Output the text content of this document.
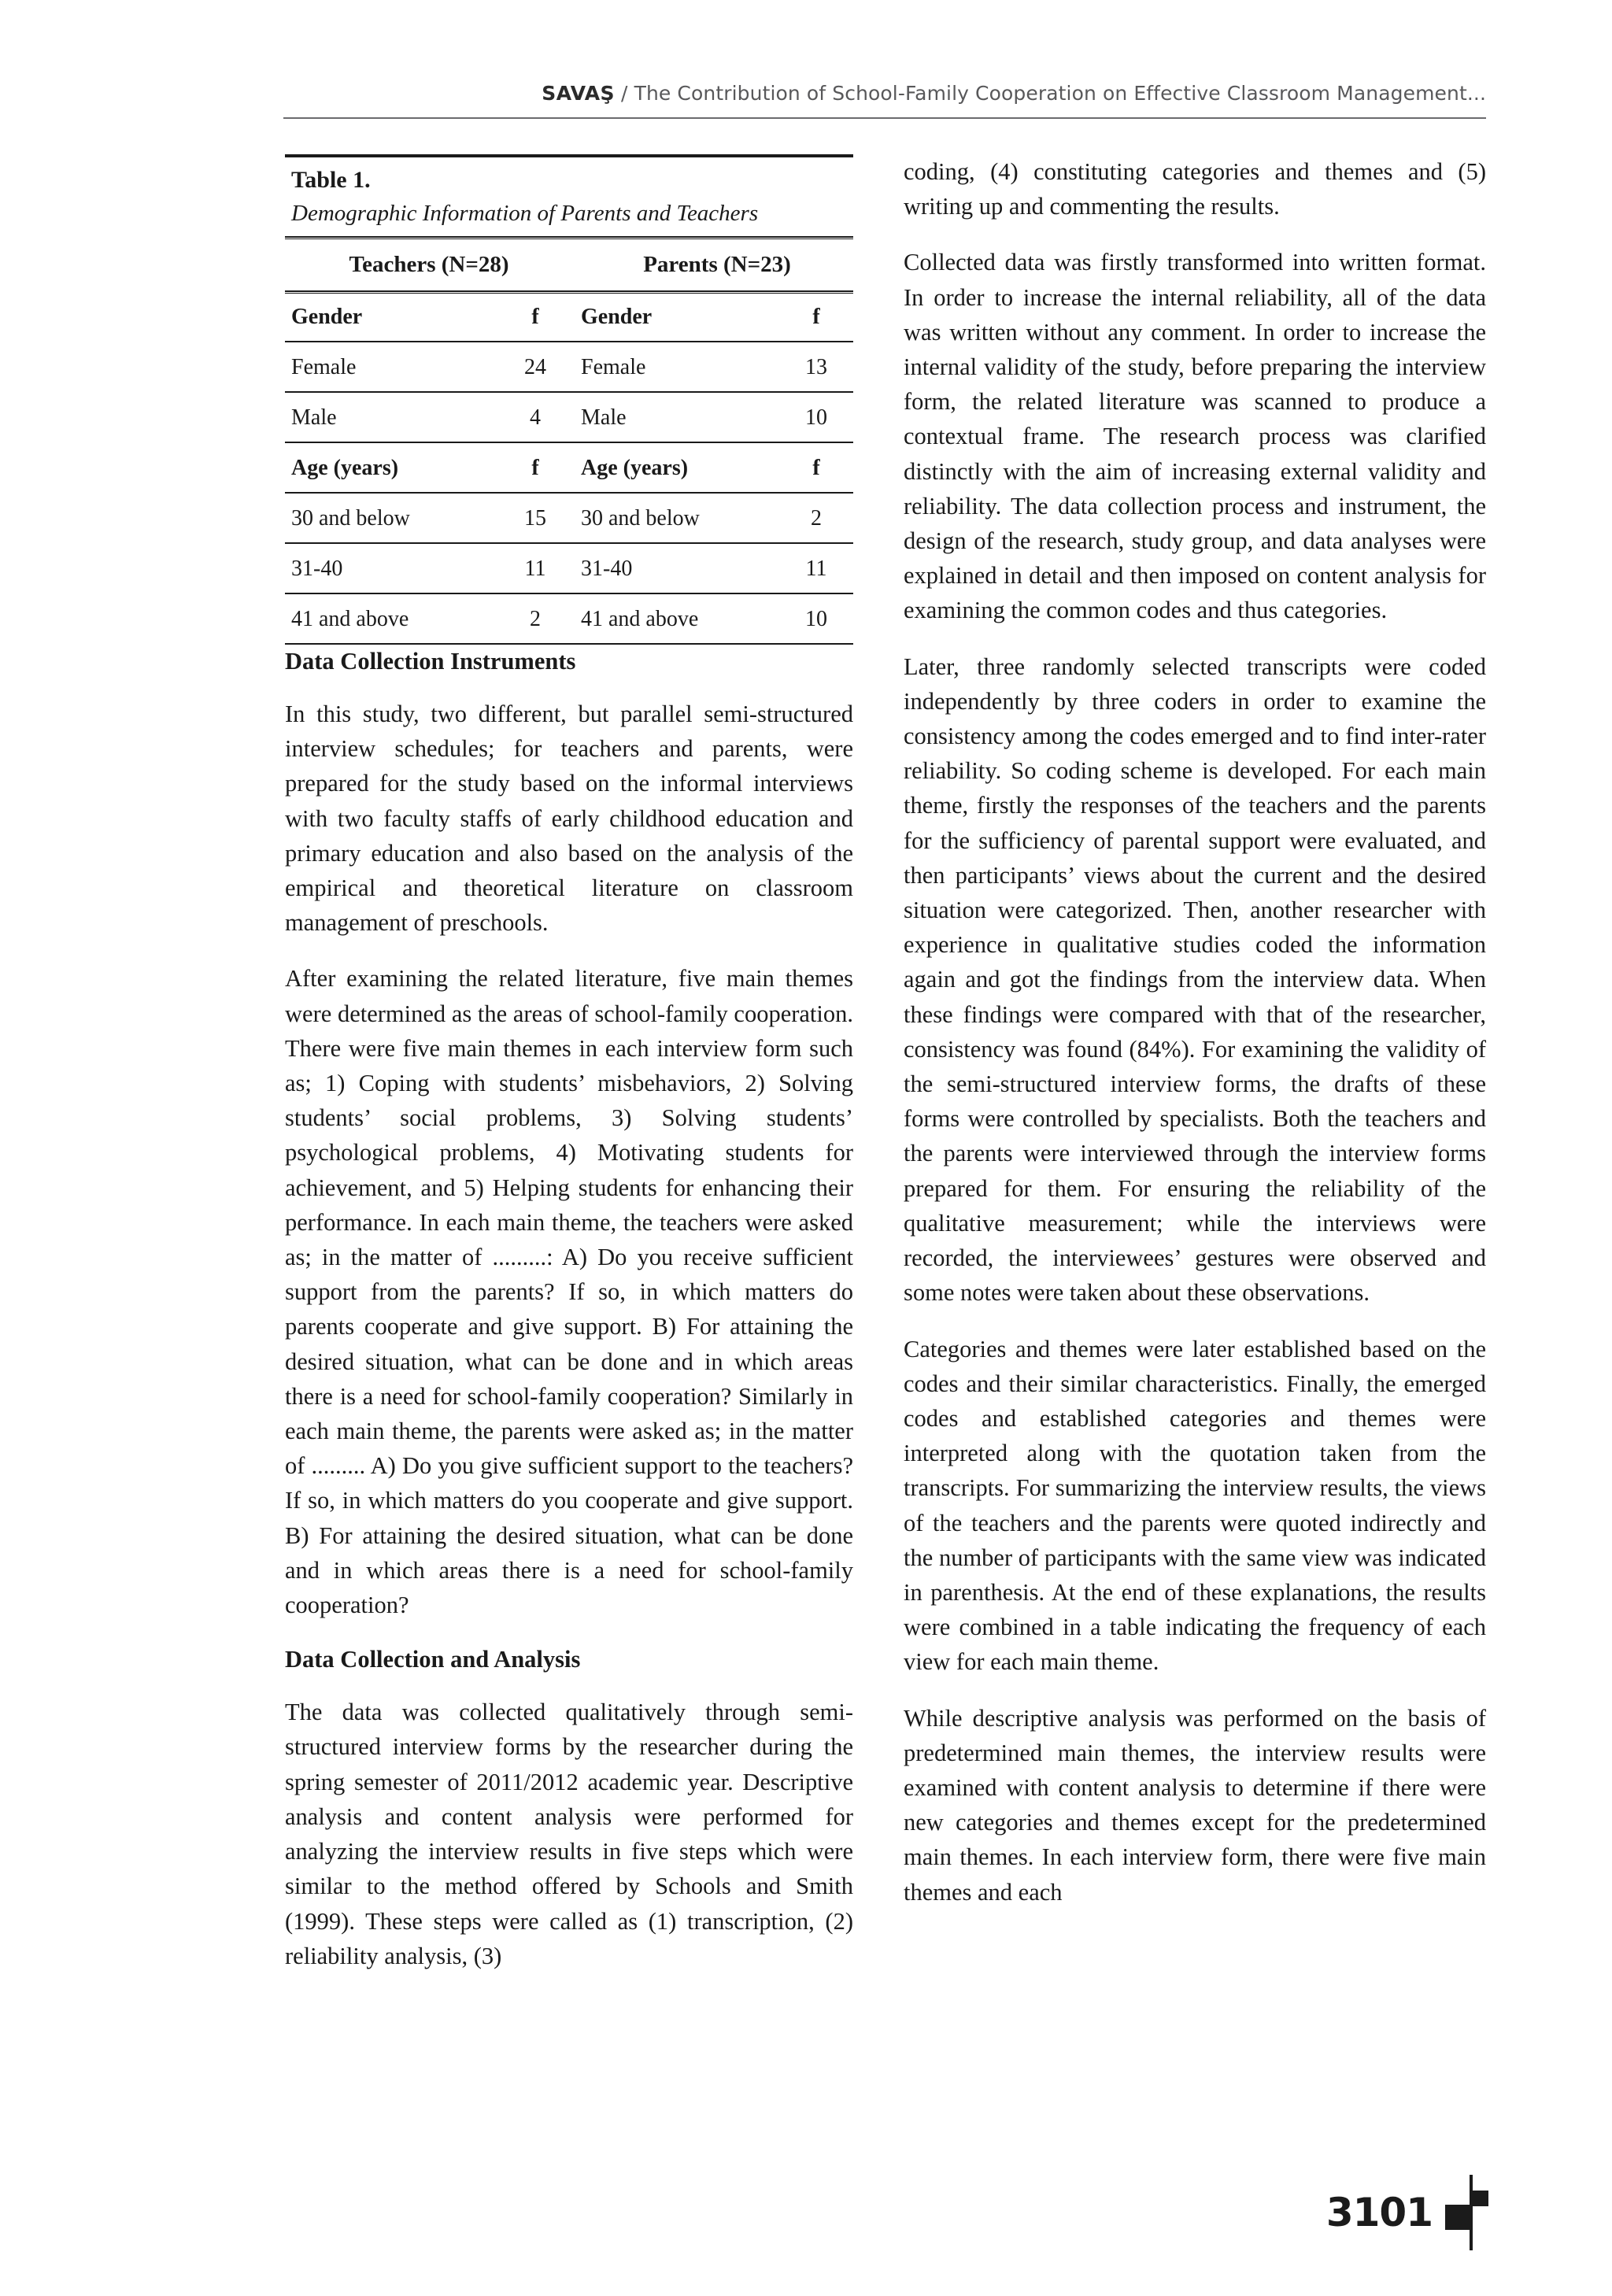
SAVAŞ / The Contribution of School-Family Cooperation on Effective Classroom Management...
Table 1.
Demographic Information of Parents and Teachers
Teachers (N=28)	Parents (N=23)
Gender	f	Gender	f

Female	24	Female	13

Male	4	Male	10

Age (years)	f	Age (years)	f

30 and below	15	30 and below	2

31-40	11	31-40	11

41 and above	2	41 and above	10
Data Collection Instruments

In this study, two different, but parallel semi-structured interview schedules; for teachers and parents, were prepared for the study based on the informal interviews with two faculty staffs of early childhood education and primary education and also based on the analysis of the empirical and theoretical literature on classroom management of preschools.

After examining the related literature, five main themes were determined as the areas of school-family cooperation. There were five main themes in each interview form such as; 1) Coping with students’ misbehaviors, 2) Solving students’ social problems, 3) Solving students’ psychological problems, 4) Motivating students for achievement, and 5) Helping students for enhancing their performance. In each main theme, the teachers were asked as; in the matter of .........: A) Do you receive sufficient support from the parents? If so, in which matters do parents cooperate and give support. B) For attaining the desired situation, what can be done and in which areas there is a need for school-family cooperation? Similarly in each main theme, the parents were asked as; in the matter of ......... A) Do you give sufficient support to the teachers? If so, in which matters do you cooperate and give support. B) For attaining the desired situation, what can be done and in which areas there is a need for school-family cooperation?

Data Collection and Analysis

The data was collected qualitatively through semi-structured interview forms by the researcher during the spring semester of 2011/2012 academic year. Descriptive analysis and content analysis were performed for analyzing the interview results in five steps which were similar to the method offered by Schools and Smith (1999). These steps were called as (1) transcription, (2) reliability analysis, (3)

coding, (4) constituting categories and themes and (5) writing up and commenting the results.

Collected data was firstly transformed into written format. In order to increase the internal reliability, all of the data was written without any comment. In order to increase the internal validity of the study, before preparing the interview form, the related literature was scanned to produce a contextual frame. The research process was clarified distinctly with the aim of increasing external validity and reliability. The data collection process and instrument, the design of the research, study group, and data analyses were explained in detail and then imposed on content analysis for examining the common codes and thus categories.

Later, three randomly selected transcripts were coded independently by three coders in order to examine the consistency among the codes emerged and to find inter-rater reliability. So coding scheme is developed. For each main theme, firstly the responses of the teachers and the parents for the sufficiency of parental support were evaluated, and then participants’ views about the current and the desired situation were categorized. Then, another researcher with experience in qualitative studies coded the information again and got the findings from the interview data. When these findings were compared with that of the researcher, consistency was found (84%). For examining the validity of the semi-structured interview forms, the drafts of these forms were controlled by specialists. Both the teachers and the parents were interviewed through the interview forms prepared for them. For ensuring the reliability of the qualitative measurement; while the interviews were recorded, the interviewees’ gestures were observed and some notes were taken about these observations.

Categories and themes were later established based on the codes and their similar characteristics. Finally, the emerged codes and established categories and themes were interpreted along with the quotation taken from the transcripts. For summarizing the interview results, the views of the teachers and the parents were quoted indirectly and the number of participants with the same view was indicated in parenthesis. At the end of these explanations, the results were combined in a table indicating the frequency of each view for each main theme.

While descriptive analysis was performed on the basis of predetermined main themes, the interview results were examined with content analysis to determine if there were new categories and themes except for the predetermined main themes. In each interview form, there were five main themes and each

3101
